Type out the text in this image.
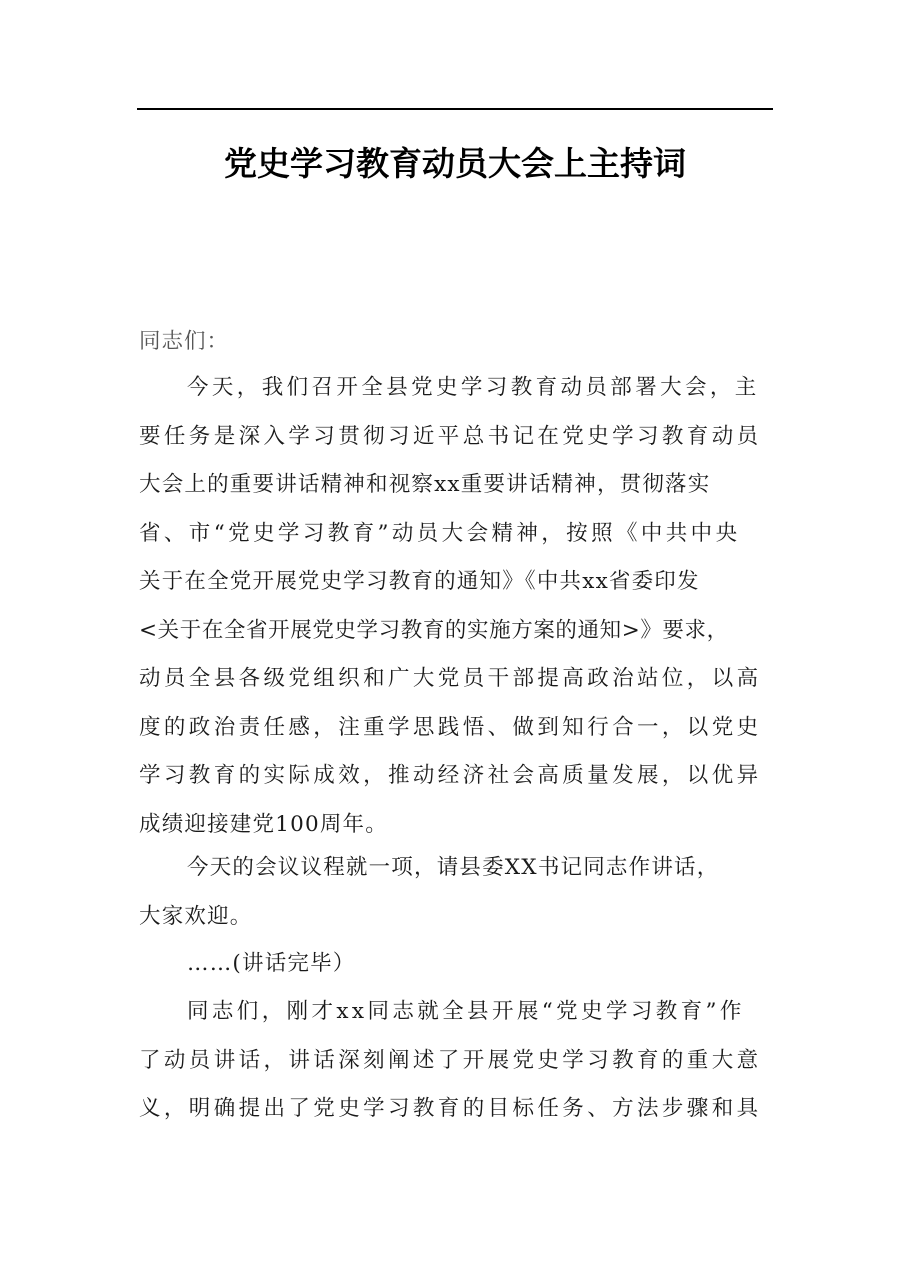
党史学习教育动员大会上主持词
同志们：
今天，我们召开全县党史学习教育动员部署大会，主
要任务是深入学习贯彻习近平总书记在党史学习教育动员
大会上的重要讲话精神和视察xx重要讲话精神，贯彻落实
省、市“党史学习教育”动员大会精神，按照《中共中央
关于在全党开展党史学习教育的通知》《中共xx省委印发
<关于在全省开展党史学习教育的实施方案的通知>》要求，
动员全县各级党组织和广大党员干部提高政治站位，以高
度的政治责任感，注重学思践悟、做到知行合一，以党史
学习教育的实际成效，推动经济社会高质量发展，以优异
成绩迎接建党100周年。
今天的会议议程就一项，请县委XX书记同志作讲话，
大家欢迎。
……(讲话完毕）
同志们，刚才xx同志就全县开展“党史学习教育”作
了动员讲话，讲话深刻阐述了开展党史学习教育的重大意
义，明确提出了党史学习教育的目标任务、方法步骤和具
